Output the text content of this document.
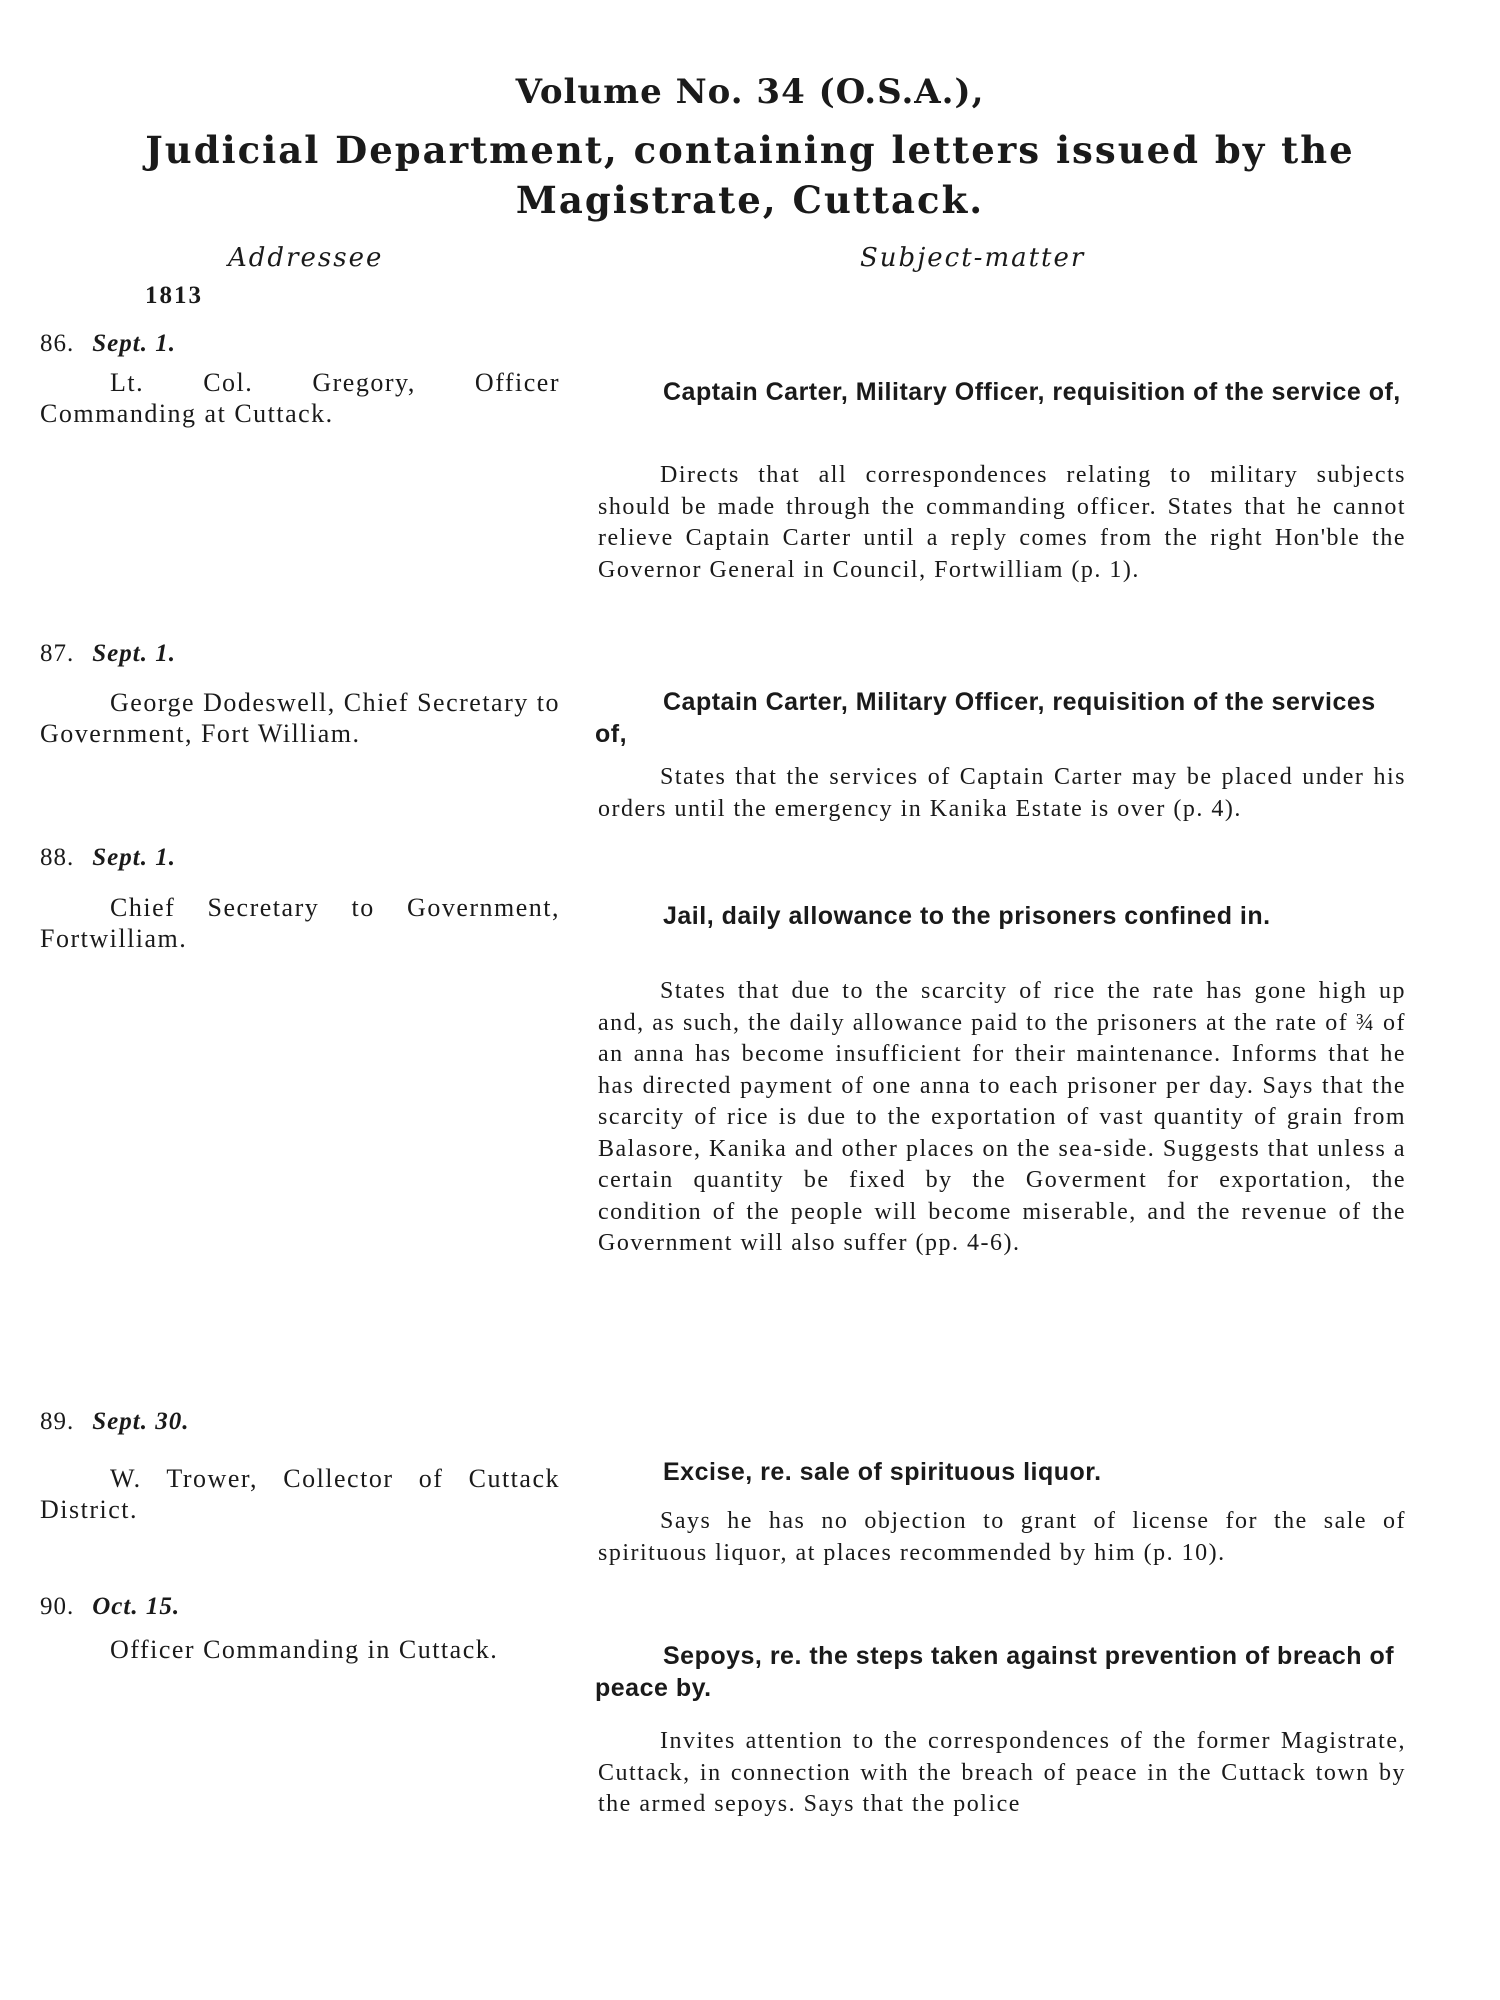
Volume No. 34 (O.S.A.),
Judicial Department, containing letters issued by the
Magistrate, Cuttack.
Addressee	Subject-matter
1813
86. Sept. 1.
Lt. Col. Gregory, Officer Commanding at Cuttack.
Captain Carter, Military Officer, requisition of the service of,
Directs that all correspondences relating to military subjects should be made through the commanding officer. States that he cannot relieve Captain Carter until a reply comes from the right Hon'ble the Governor General in Council, Fortwilliam (p. 1).
87. Sept. 1.
George Dodeswell, Chief Secretary to Government, Fort William.
Captain Carter, Military Officer, requisition of the services of,
States that the services of Captain Carter may be placed under his orders until the emergency in Kanika Estate is over (p. 4).
88. Sept. 1.
Chief Secretary to Government, Fortwilliam.
Jail, daily allowance to the prisoners confined in.
States that due to the scarcity of rice the rate has gone high up and, as such, the daily allowance paid to the prisoners at the rate of ¾ of an anna has become insufficient for their maintenance. Informs that he has directed payment of one anna to each prisoner per day. Says that the scarcity of rice is due to the exportation of vast quantity of grain from Balasore, Kanika and other places on the sea-side. Suggests that unless a certain quantity be fixed by the Goverment for exportation, the condition of the people will become miserable, and the revenue of the Government will also suffer (pp. 4-6).
89. Sept. 30.
W. Trower, Collector of Cuttack District.
Excise, re. sale of spirituous liquor.
Says he has no objection to grant of license for the sale of spirituous liquor, at places recommended by him (p. 10).
90. Oct. 15.
Officer Commanding in Cuttack.	Sepoys, re. the steps taken against prevention of breach of peace by.
Invites attention to the correspondences of the former Magistrate, Cuttack, in connection with the breach of peace in the Cuttack town by the armed sepoys. Says that the police
